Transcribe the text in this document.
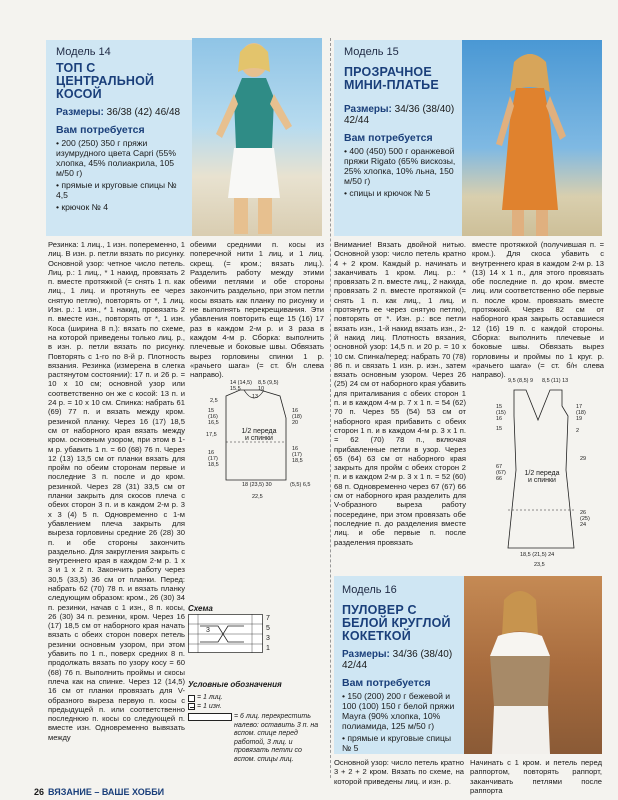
Модель 14
ТОП С ЦЕНТРАЛЬНОЙ КОСОЙ
Размеры: 36/38 (42) 46/48
Вам потребуется
• 200 (250) 350 г пряжи изумрудного цвета Capri (55% хлопка, 45% полиакрила, 105 м/50 г)
• прямые и круговые спицы № 4,5
• крючок № 4

Резинка: 1 лиц., 1 изн. попеременно, 1 лиц. В изн. р. петли вязать по рисунку. Основной узор: четное число петель. Лиц. р.: 1 лиц., * 1 накид, провязать 2 п. вместе протяжкой (= снять 1 п. как лиц., 1 лиц. и протянуть ее через снятую петлю), повторять от *, 1 лиц. Изн. р.: 1 изн., * 1 накид, провязать 2 п. вместе изн., повторять от *, 1 изн. Коса (ширина 8 п.): вязать по схеме, на которой приведены только лиц. р., в изн. р. петли вязать по рисунку. Повторять с 1-го по 8-й р. Плотность вязания. Резинка (измерена в слегка растянутом состоянии): 17 п. и 26 р. = 10 х 10 см; основной узор или соответственно он же с косой: 13 п. и 24 р. = 10 х 10 см. Спинка: набрать 61 (69) 77 п. и вязать между кром. резинкой планку. Через 16 (17) 18,5 см от наборного края вязать между кром. основным узором, при этом в 1-м р. убавить 1 п. = 60 (68) 76 п. Через 12 (13) 13,5 см от планки вязать для пройм по обеим сторонам первые и последние 3 п. после и до кром. резинкой. Через 28 (31) 33,5 см от планки закрыть для скосов плеча с обеих сторон 3 п. и в каждом 2-м р. 3 х 3 (4) 5 п. Одновременно с 1-м убавлением плеча закрыть для выреза горловины средние 26 (28) 30 п. и обе стороны закончить раздельно. Для закругления закрыть с внутреннего края в каждом 2-м р. 1 х 3 и 1 х 2 п. Закончить работу через 30,5 (33,5) 36 см от планки. Перед: набрать 62 (70) 78 п. и вязать планку следующим образом: кром., 26 (30) 34 п. резинки, начав с 1 изн., 8 п. косы, 26 (30) 34 п. резинки, кром. Через 16 (17) 18,5 см от наборного края начать вязать с обеих сторон поверх петель резинки основным узором, при этом убавить по 1 п., поверх средних 8 п. продолжать вязать по узору косу = 60 (68) 76 п. Выполнить проймы и скосы плеча как на спинке. Через 12 (14,5) 16 см от планки провязать для V-образного выреза первую п. косы с предыдущей п. или соответственно последнюю п. косы со следующей п. вместе изн. Одновременно вывязать между

обеими средними п. косы из поперечной нити 1 лиц. и 1 лиц. скрещ. (= кром.; вязать лиц.). Разделить работу между этими обеими петлями и обе стороны закончить раздельно, при этом петли косы вязать как планку по рисунку и не выполнять перекрещивания. Эти убавления повторить еще 15 (16) 17 раз в каждом 2-м р. и 3 раза в каждом 4-м р. Сборка: выполнить плечевые и боковые швы. Обвязать вырез горловины спинки 1 р. «рачьего шага» (= ст. б/н слева направо).

1/2 переда и спинки
14 (14,5) 15,5
8,5 (9,5) 10
13
2,5
15 (16) 16,5
17,5
16 (18) 20
16 (17) 18,5
16 (17) 18,5
18 (23,5) 30
22,5
(5,5) 6,5
Схема
3
7
5
3
1
Условные обозначения
= 1 лиц.
= 1 изн.
= 6 лиц. перекрестить налево: оставить 3 п. на вспом. спице перед работой, 3 лиц. и провязать петли со вспом. спицы лиц.
Модель 15
ПРОЗРАЧНОЕ МИНИ-ПЛАТЬЕ
Размеры: 34/36 (38/40) 42/44
Вам потребуется
• 400 (450) 500 г оранжевой пряжи Rigato (65% вискозы, 25% хлопка, 10% льна, 150 м/50 г)
• спицы и крючок № 5

Внимание! Вязать двойной нитью. Основной узор: число петель кратно 4 + 2 кром. Каждый р. начинать и заканчивать 1 кром. Лиц. р.: * провязать 2 п. вместе лиц., 2 накида, провязать 2 п. вместе протяжкой (= снять 1 п. как лиц., 1 лиц. и протянуть ее через снятую петлю), повторять от *. Изн. р.: все петли вязать изн., 1-й накид вязать изн., 2-й накид лиц. Плотность вязания, основной узор: 14,5 п. и 20 р. = 10 х 10 см. Спинка/перед: набрать 70 (78) 86 п. и связать 1 изн. р. изн., затем вязать основным узором. Через 26 (25) 24 см от наборного края убавить для приталивания с обеих сторон 1 п. и в каждом 4-м р. 7 х 1 п. = 54 (62) 70 п. Через 55 (54) 53 см от наборного края прибавить с обеих сторон 1 п. и в каждом 4-м р. 3 х 1 п. = 62 (70) 78 п., включая прибавленные петли в узор. Через 65 (64) 63 см от наборного края закрыть для пройм с обеих сторон 2 п. и в каждом 2-м р. 3 х 1 п. = 52 (60) 68 п. Одновременно через 67 (67) 66 см от наборного края разделить для V-образного выреза работу посередине, при этом провязать обе последние п. до разделения вместе лиц. и обе первые п. после разделения провязать

вместе протяжкой (получившая п. = кром.). Для скоса убавить с внутреннего края в каждом 2-м р. 13 (13) 14 х 1 п., для этого провязать обе последние п. до кром. вместе лиц. или соответственно обе первые п. после кром. провязать вместе протяжкой. Через 82 см от наборного края закрыть оставшиеся 12 (16) 19 п. с каждой стороны. Сборка: выполнить плечевые и боковые швы. Обвязать вырез горловины и проймы по 1 круг. р. «рачьего шага» (= ст. б/н слева направо).

1/2 переда и спинки
9,5 (8,5) 9	8,5 (11) 13
15 (15) 16
15
17 (18) 19
2
67 (67) 66
29
26 (25) 24
18,5 (21,5) 24
23,5
Модель 16
ПУЛОВЕР С БЕЛОЙ КРУГЛОЙ КОКЕТКОЙ
Размеры: 34/36 (38/40) 42/44
Вам потребуется
• 150 (200) 200 г бежевой и 100 (100) 150 г белой пряжи Mayra (90% хлопка, 10% полиамида, 125 м/50 г)
• прямые и круговые спицы № 5

Основной узор: число петель кратно 3 + 2 + 2 кром. Вязать по схеме, на которой приведены лиц. и изн. р.

Начинать с 1 кром. и петель перед раппортом, повторять раппорт, заканчивать петлями после раппорта

26 ВЯЗАНИЕ – ВАШЕ ХОББИ
